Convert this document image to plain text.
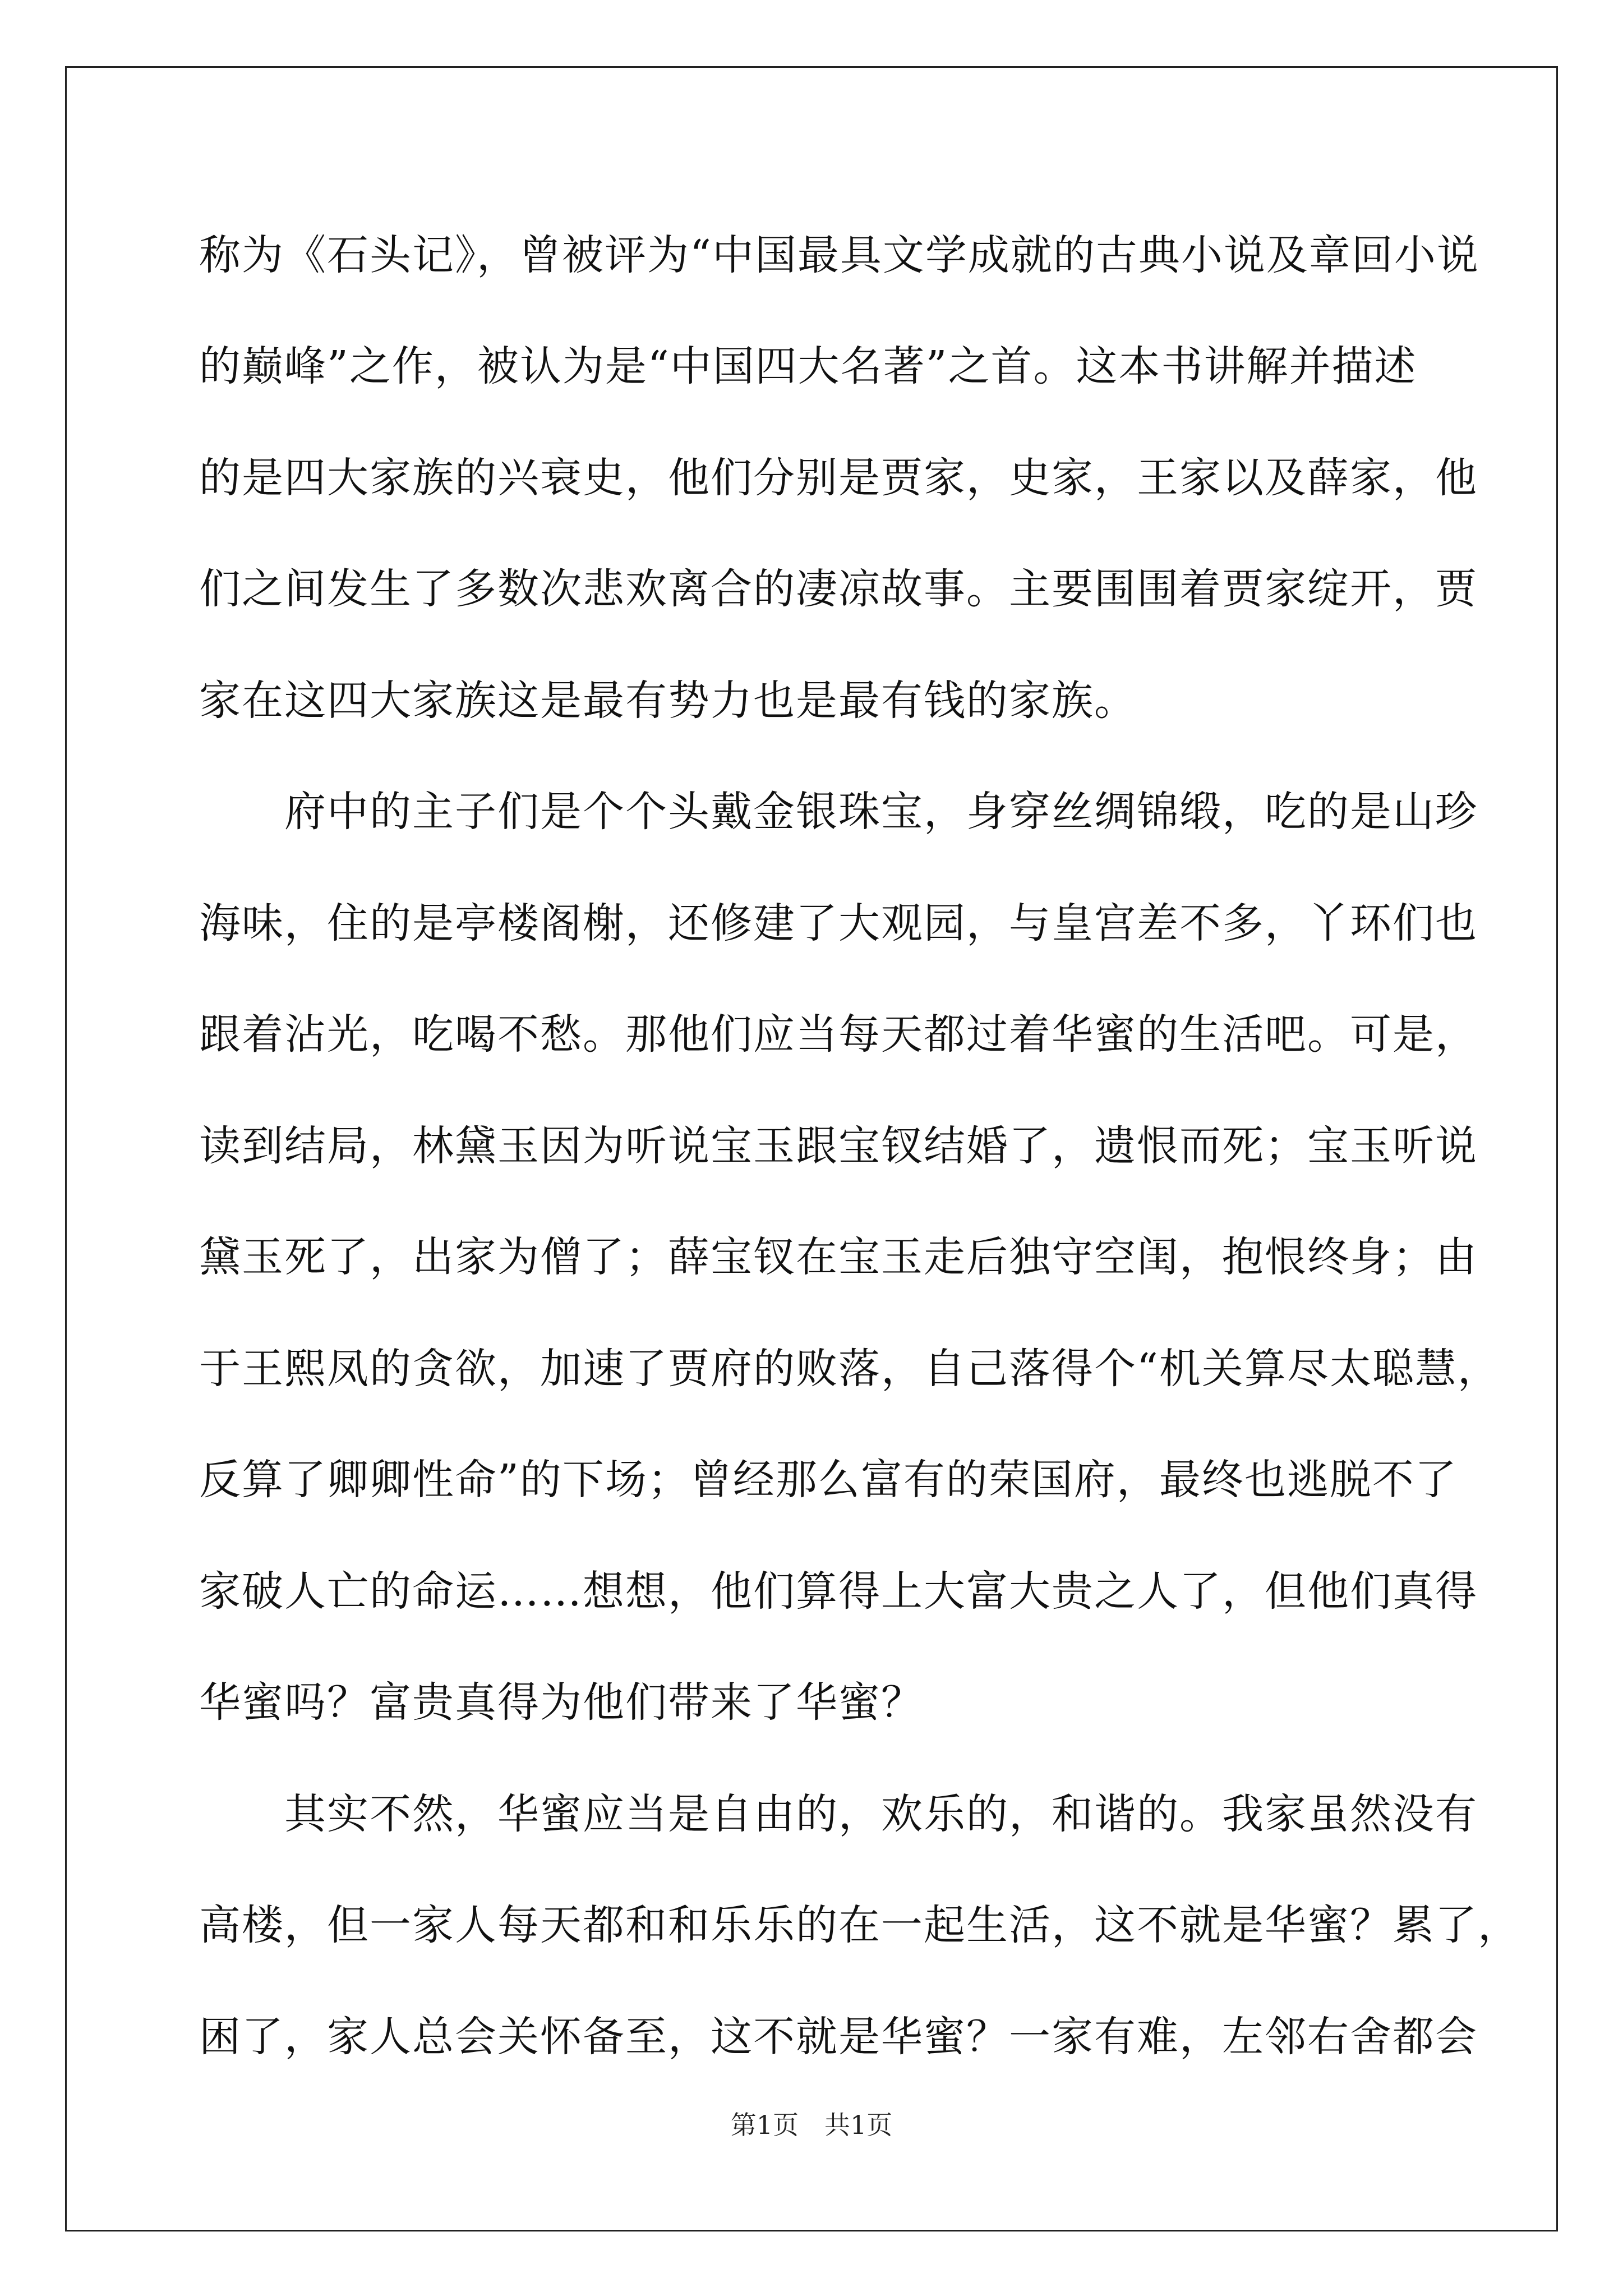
称为《石头记》，曾被评为“中国最具文学成就的古典小说及章回小说
的巅峰”之作，被认为是“中国四大名著”之首。这本书讲解并描述
的是四大家族的兴衰史，他们分别是贾家，史家，王家以及薛家，他
们之间发生了多数次悲欢离合的凄凉故事。主要围围着贾家绽开，贾
家在这四大家族这是最有势力也是最有钱的家族。
　　府中的主子们是个个头戴金银珠宝，身穿丝绸锦缎，吃的是山珍
海味，住的是亭楼阁榭，还修建了大观园，与皇宫差不多，丫环们也
跟着沾光，吃喝不愁。那他们应当每天都过着华蜜的生活吧。可是，
读到结局，林黛玉因为听说宝玉跟宝钗结婚了，遗恨而死；宝玉听说
黛玉死了，出家为僧了；薛宝钗在宝玉走后独守空闺，抱恨终身；由
于王熙凤的贪欲，加速了贾府的败落，自己落得个“机关算尽太聪慧，
反算了卿卿性命”的下场；曾经那么富有的荣国府，最终也逃脱不了
家破人亡的命运……想想，他们算得上大富大贵之人了，但他们真得
华蜜吗？富贵真得为他们带来了华蜜？
　　其实不然，华蜜应当是自由的，欢乐的，和谐的。我家虽然没有
高楼，但一家人每天都和和乐乐的在一起生活，这不就是华蜜？累了，
困了，家人总会关怀备至，这不就是华蜜？一家有难，左邻右舍都会
第1页　共1页
